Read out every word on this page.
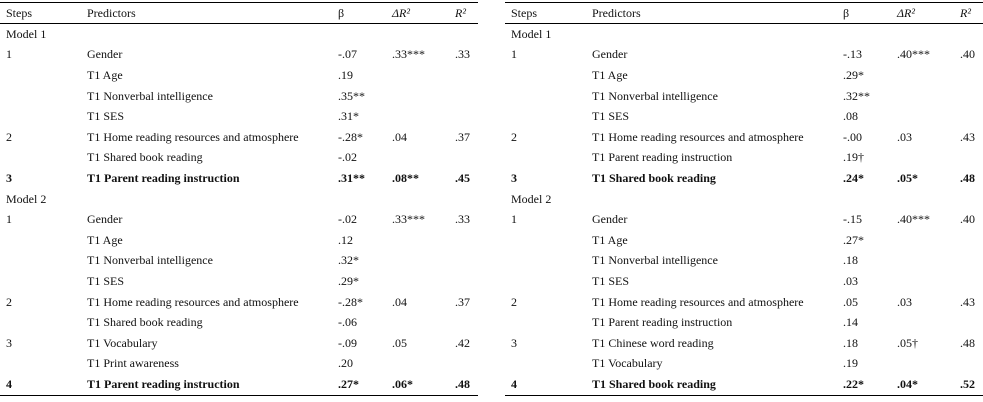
Steps	Predictors	β	ΔR²	R²
Model 1
1	Gender	-.07	.33***	.33
T1 Age	.19
T1 Nonverbal intelligence	.35**
T1 SES	.31*
2	T1 Home reading resources and atmosphere	-.28*	.04	.37
T1 Shared book reading	-.02
3	T1 Parent reading instruction	.31**	.08**	.45
Model 2
1	Gender	-.02	.33***	.33
T1 Age	.12
T1 Nonverbal intelligence	.32*
T1 SES	.29*
2	T1 Home reading resources and atmosphere	-.28*	.04	.37
T1 Shared book reading	-.06
3	T1 Vocabulary	-.09	.05	.42
T1 Print awareness	.20
4	T1 Parent reading instruction	.27*	.06*	.48
Steps	Predictors	β	ΔR²	R²
Model 1
1	Gender	-.13	.40***	.40
T1 Age	.29*
T1 Nonverbal intelligence	.32**
T1 SES	.08
2	T1 Home reading resources and atmosphere	-.00	.03	.43
T1 Parent reading instruction	.19†
3	T1 Shared book reading	.24*	.05*	.48
Model 2
1	Gender	-.15	.40***	.40
T1 Age	.27*
T1 Nonverbal intelligence	.18
T1 SES	.03
2	T1 Home reading resources and atmosphere	.05	.03	.43
T1 Parent reading instruction	.14
3	T1 Chinese word reading	.18	.05†	.48
T1 Vocabulary	.19
4	T1 Shared book reading	.22*	.04*	.52
